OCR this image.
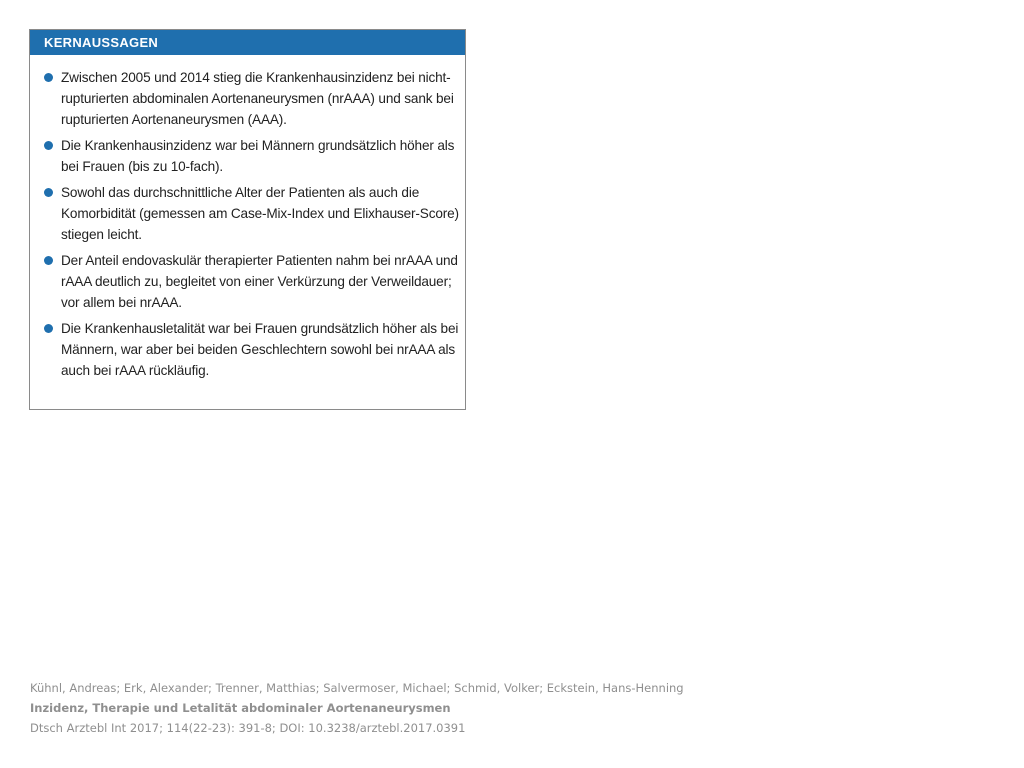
KERNAUSSAGEN
Zwischen 2005 und 2014 stieg die Krankenhausinzidenz bei nicht-
rupturierten abdominalen Aortenaneurysmen (nrAAA) und sank bei
rupturierten Aortenaneurysmen (AAA).
Die Krankenhausinzidenz war bei Männern grundsätzlich höher als
bei Frauen (bis zu 10-fach).
Sowohl das durchschnittliche Alter der Patienten als auch die
Komorbidität (gemessen am Case-Mix-Index und Elixhauser-Score)
stiegen leicht.
Der Anteil endovaskulär therapierter Patienten nahm bei nrAAA und
rAAA deutlich zu, begleitet von einer Verkürzung der Verweildauer;
vor allem bei nrAAA.
Die Krankenhausletalität war bei Frauen grundsätzlich höher als bei
Männern, war aber bei beiden Geschlechtern sowohl bei nrAAA als
auch bei rAAA rückläufig.
Kühnl, Andreas; Erk, Alexander; Trenner, Matthias; Salvermoser, Michael; Schmid, Volker; Eckstein, Hans-Henning
Inzidenz, Therapie und Letalität abdominaler Aortenaneurysmen
Dtsch Arztebl Int 2017; 114(22-23): 391-8; DOI: 10.3238/arztebl.2017.0391
